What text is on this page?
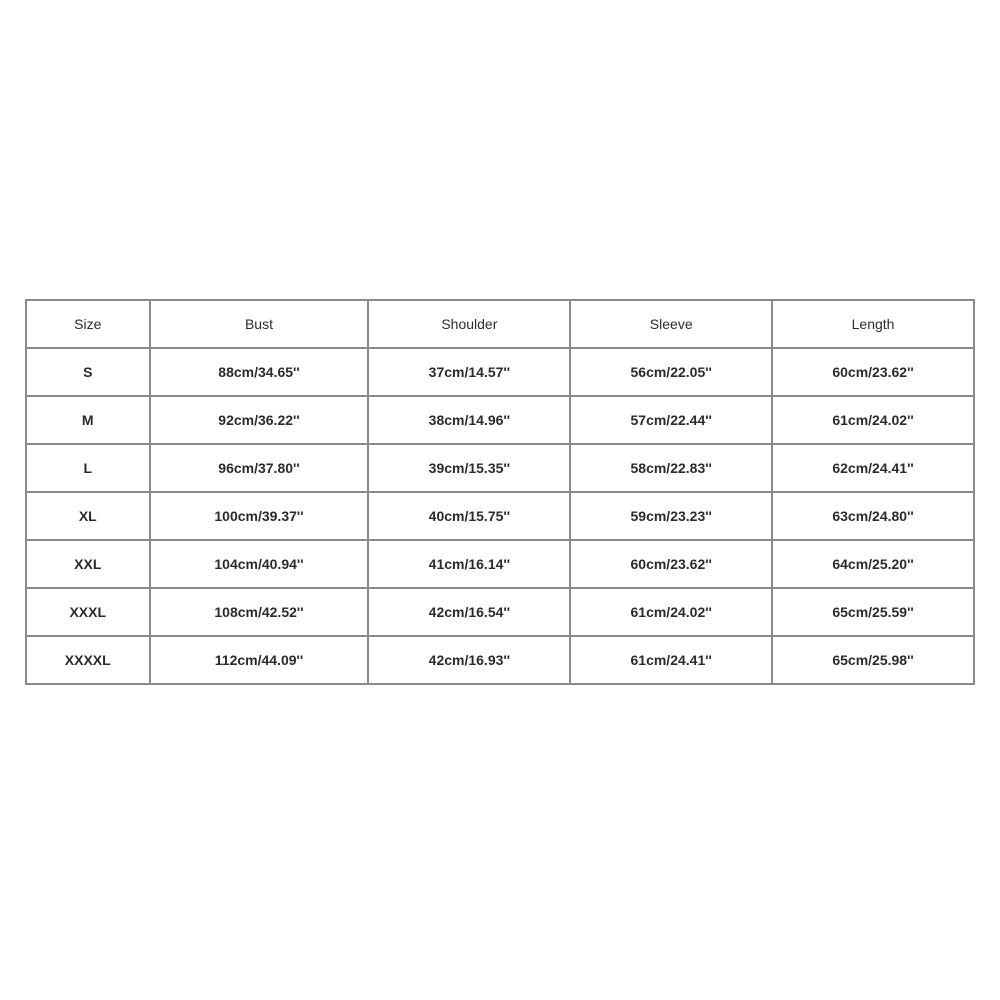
Size	Bust	Shoulder	Sleeve	Length
S	88cm/34.65''	37cm/14.57''	56cm/22.05''	60cm/23.62''
M	92cm/36.22''	38cm/14.96''	57cm/22.44''	61cm/24.02''
L	96cm/37.80''	39cm/15.35''	58cm/22.83''	62cm/24.41''
XL	100cm/39.37''	40cm/15.75''	59cm/23.23''	63cm/24.80''
XXL	104cm/40.94''	41cm/16.14''	60cm/23.62''	64cm/25.20''
XXXL	108cm/42.52''	42cm/16.54''	61cm/24.02''	65cm/25.59''
XXXXL	112cm/44.09''	42cm/16.93''	61cm/24.41''	65cm/25.98''
